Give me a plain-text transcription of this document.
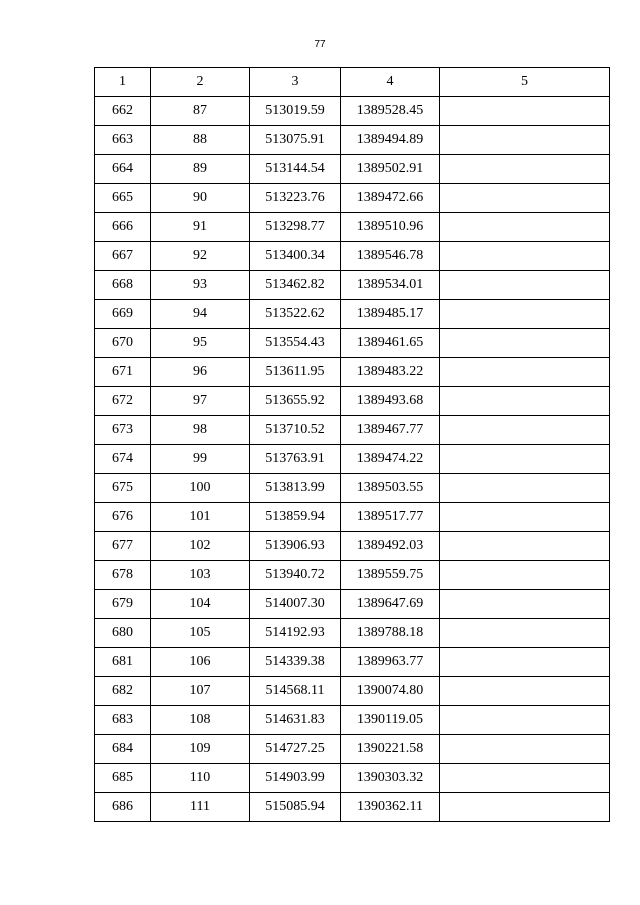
77
1	2	3	4	5
662	87	513019.59	1389528.45	
663	88	513075.91	1389494.89	
664	89	513144.54	1389502.91	
665	90	513223.76	1389472.66	
666	91	513298.77	1389510.96	
667	92	513400.34	1389546.78	
668	93	513462.82	1389534.01	
669	94	513522.62	1389485.17	
670	95	513554.43	1389461.65	
671	96	513611.95	1389483.22	
672	97	513655.92	1389493.68	
673	98	513710.52	1389467.77	
674	99	513763.91	1389474.22	
675	100	513813.99	1389503.55	
676	101	513859.94	1389517.77	
677	102	513906.93	1389492.03	
678	103	513940.72	1389559.75	
679	104	514007.30	1389647.69	
680	105	514192.93	1389788.18	
681	106	514339.38	1389963.77	
682	107	514568.11	1390074.80	
683	108	514631.83	1390119.05	
684	109	514727.25	1390221.58	
685	110	514903.99	1390303.32	
686	111	515085.94	1390362.11	
